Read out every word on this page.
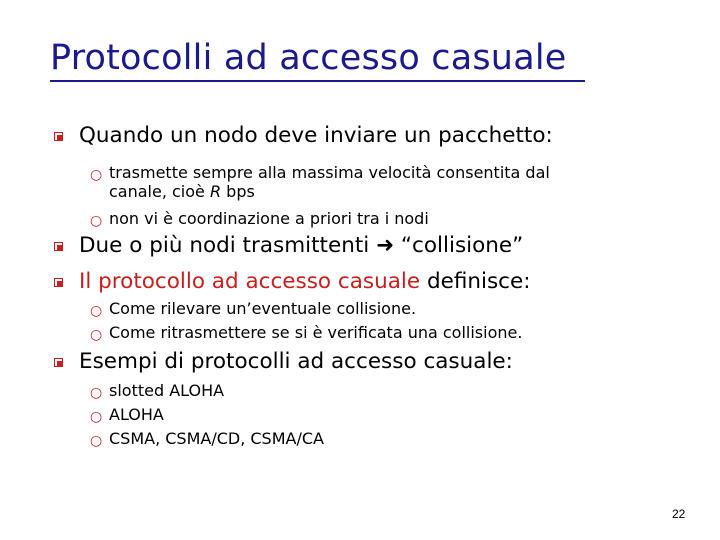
Protocolli ad accesso casuale
Quando un nodo deve inviare un pacchetto:
○ trasmette sempre alla massima velocità consentita dal
canale, cioè R bps
○ non vi è coordinazione a priori tra i nodi
Due o più nodi trasmittenti ➜ “collisione”
Il protocollo ad accesso casuale definisce:
○ Come rilevare un’eventuale collisione.
○ Come ritrasmettere se si è verificata una collisione.
Esempi di protocolli ad accesso casuale:
○ slotted ALOHA
○ ALOHA
○ CSMA, CSMA/CD, CSMA/CA
22
